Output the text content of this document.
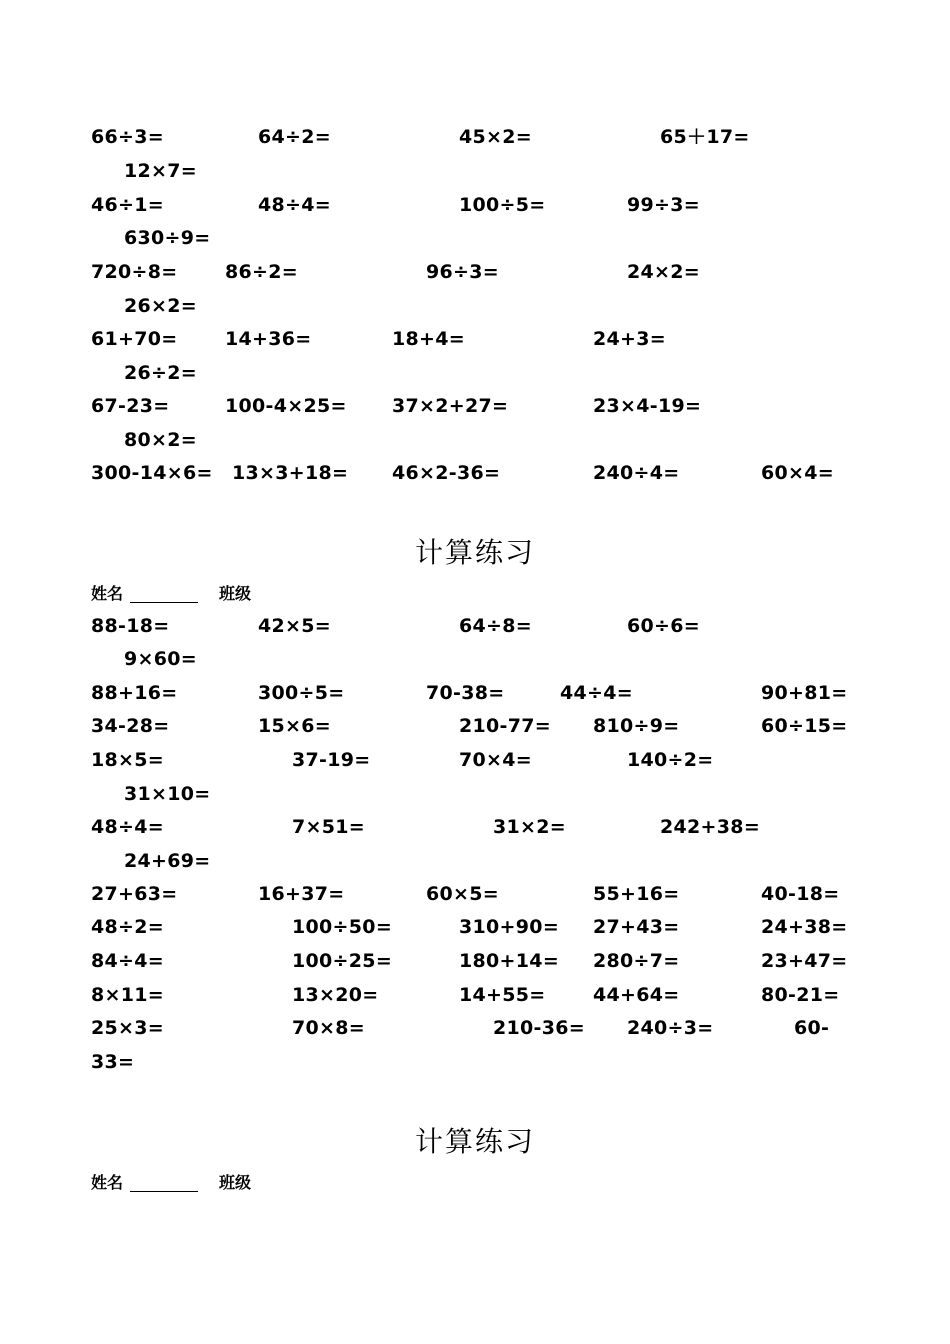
66÷3=	64÷2=	45×2=	65＋17=
12×7=
46÷1=	48÷4=	100÷5=	99÷3=
630÷9=
720÷8= 86÷2=	96÷3=	24×2=
26×2=
61+70= 14+36=	18+4=	24+3=
26÷2=
67-23=	100-4×25= 37×2+27=	23×4-19=
80×2=
300-14×6= 13×3+18= 46×2-36=	240÷4=	60×4=
计算练习
姓名	班级
88-18=	42×5=	64÷8=	60÷6=
9×60=
88+16=	300÷5=	70-38=	44÷4=	90+81=
34-28=	15×6=	210-77= 810÷9=	60÷15=
18×5=	37-19=	70×4=	140÷2=
31×10=
48÷4=	7×51=	31×2=	242+38=
24+69=
27+63=	16+37=	60×5=	55+16=	40-18=
48÷2=	100÷50=	310+90= 27+43=	24+38=
84÷4=	100÷25=	180+14= 280÷7=	23+47=
8×11=	13×20=	14+55= 44+64=	80-21=
25×3=	70×8=	210-36= 240÷3=	60-
33=
计算练习
姓名	班级
